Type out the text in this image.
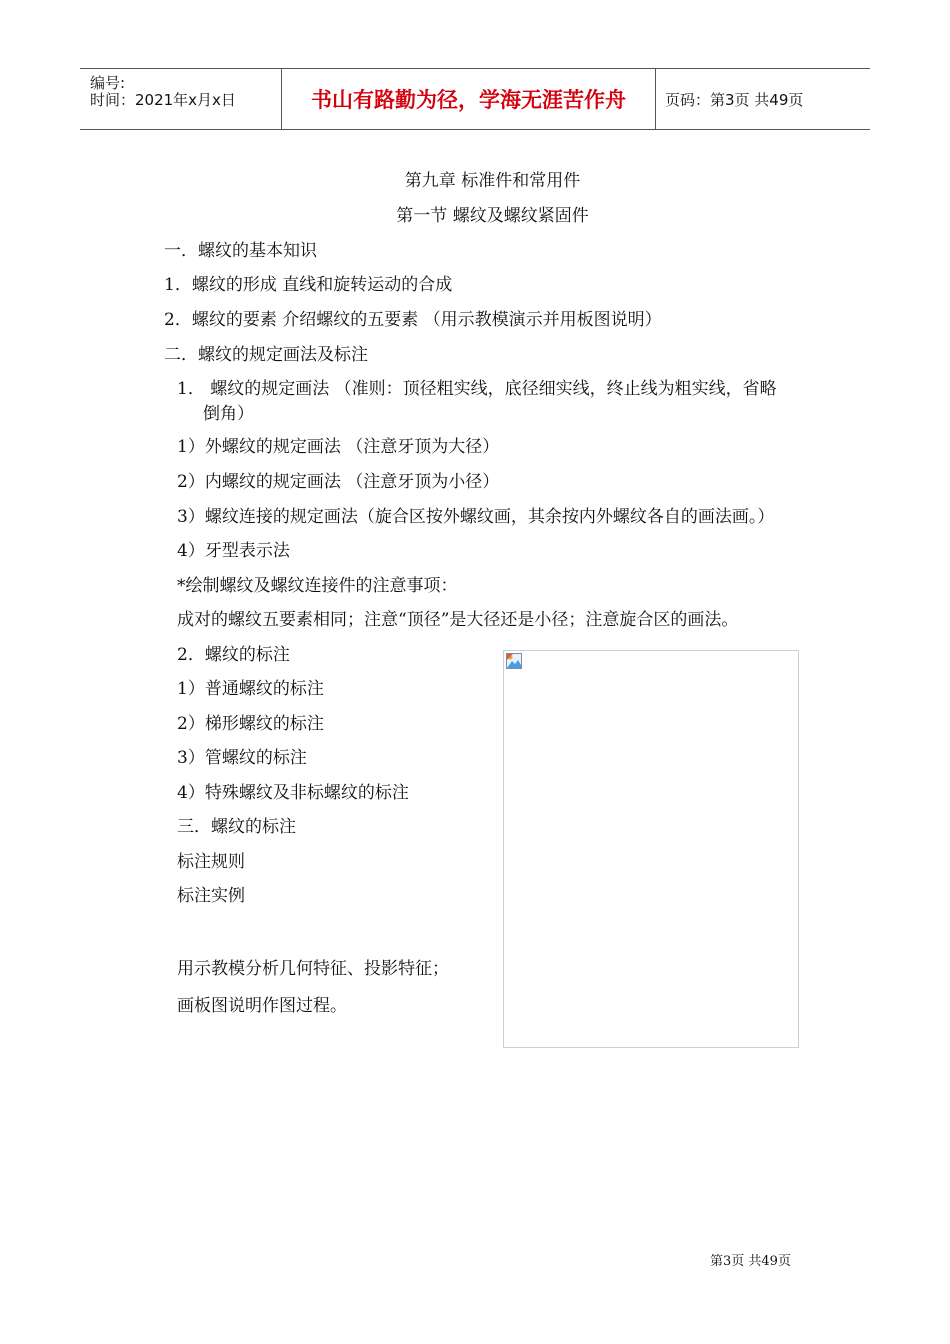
编号:
时间：2021年x月x日	书山有路勤为径，学海无涯苦作舟	页码：第3页 共49页
第九章 标准件和常用件
第一节 螺纹及螺纹紧固件
一．螺纹的基本知识
1．螺纹的形成 直线和旋转运动的合成
2．螺纹的要素 介绍螺纹的五要素 （用示教模演示并用板图说明）
二．螺纹的规定画法及标注
1． 螺纹的规定画法 （准则：顶径粗实线，底径细实线，终止线为粗实线，省略
倒角）
1）外螺纹的规定画法 （注意牙顶为大径）
2）内螺纹的规定画法 （注意牙顶为小径）
3）螺纹连接的规定画法（旋合区按外螺纹画，其余按内外螺纹各自的画法画。）
4）牙型表示法
*绘制螺纹及螺纹连接件的注意事项：
成对的螺纹五要素相同；注意“顶径”是大径还是小径；注意旋合区的画法。
2．螺纹的标注
1）普通螺纹的标注
2）梯形螺纹的标注
3）管螺纹的标注
4）特殊螺纹及非标螺纹的标注
三．螺纹的标注
标注规则
标注实例
用示教模分析几何特征、投影特征；
画板图说明作图过程。
第3页 共49页
